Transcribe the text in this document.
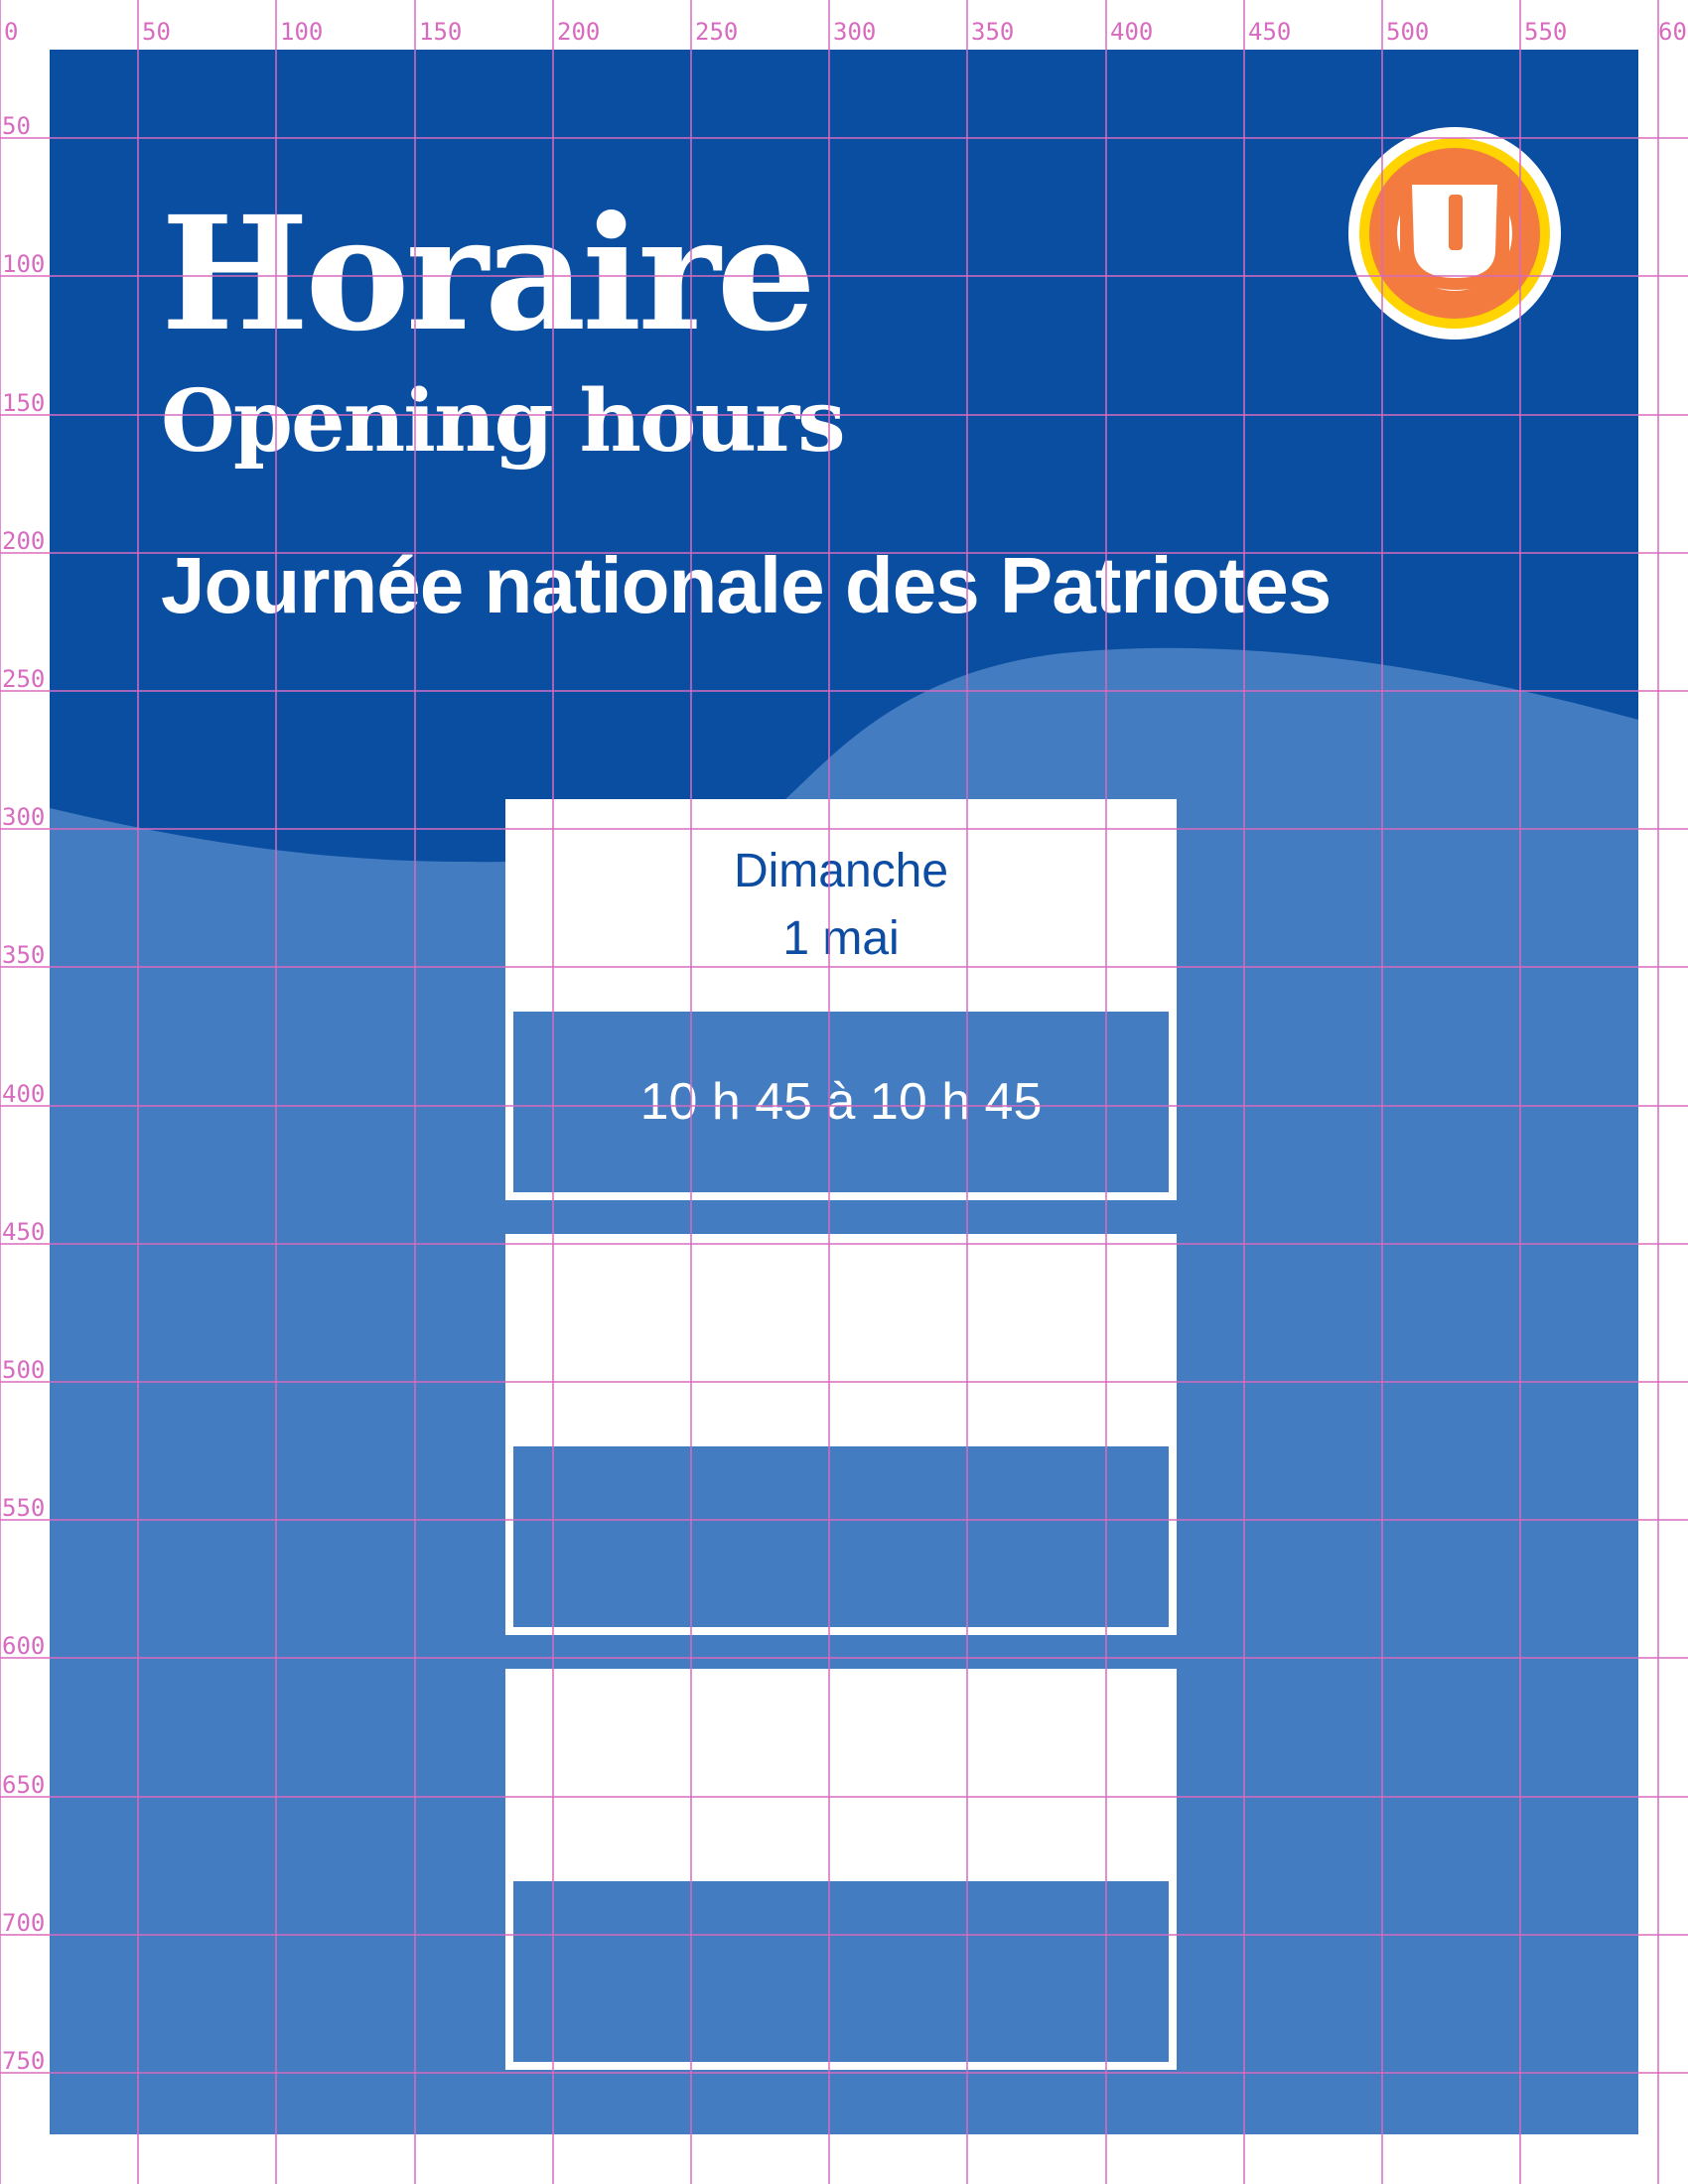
Horaire
Opening hours
Journée nationale des Patriotes
Dimanche
1 mai
10 h 45 à 10 h 45
0	50	100	150	200	250	300	350	400	450	500	550	60
50
100
150
200
250
300
350
400
450
500
550
600
650
700
750
